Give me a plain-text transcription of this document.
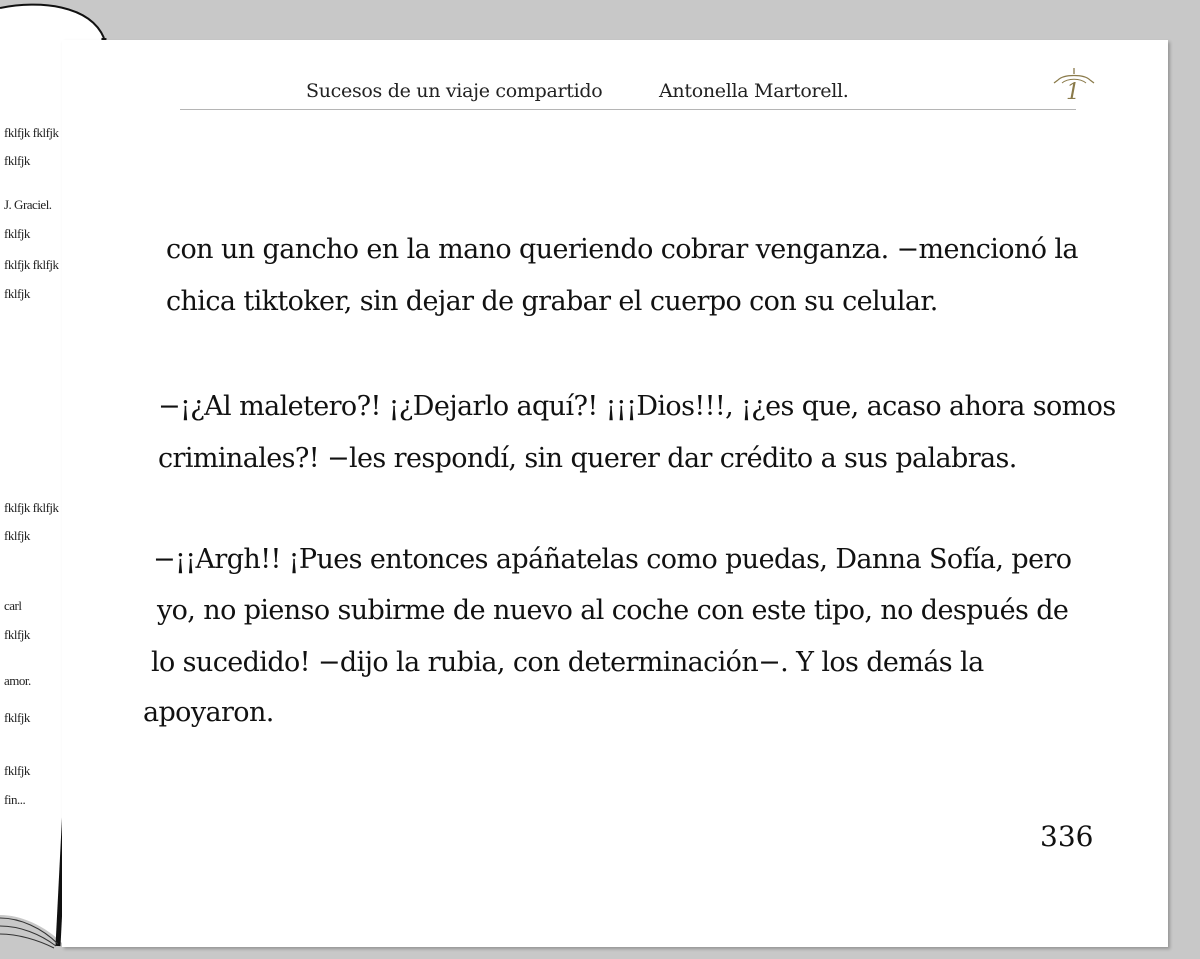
fklfjk fklfjk
fklfjk
J. Graciel.
fklfjk
fklfjk fklfjk
fklfjk
fklfjk fklfjk
fklfjk
carl
fklfjk
amor.
fklfjk
fklfjk
fin...
Sucesos de un viaje compartido	Antonella Martorell.	1
con un gancho en la mano queriendo cobrar venganza. −mencionó la
chica tiktoker, sin dejar de grabar el cuerpo con su celular.
−¡¿Al maletero?! ¡¿Dejarlo aquí?! ¡¡¡Dios!!!, ¡¿es que, acaso ahora somos
criminales?! −les respondí, sin querer dar crédito a sus palabras.
−¡¡Argh!! ¡Pues entonces apáñatelas como puedas, Danna Sofía, pero
yo, no pienso subirme de nuevo al coche con este tipo, no después de
lo sucedido! −dijo la rubia, con determinación−. Y los demás la
apoyaron.
336
